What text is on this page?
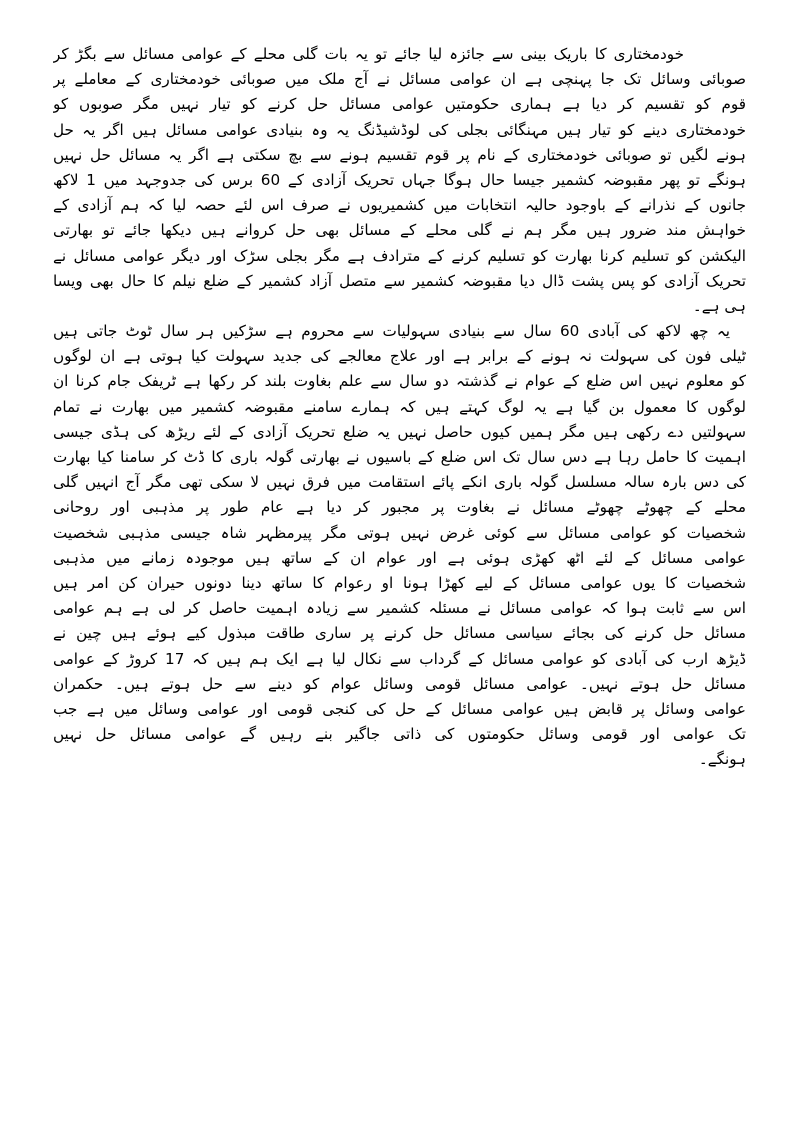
خودمختاری کا باریک بینی سے جائزہ لیا جائے تو یہ بات گلی محلے کے عوامی مسائل سے بگڑ کر
صوبائی وسائل تک جا پہنچی ہے ان عوامی مسائل نے آج ملک میں صوبائی خودمختاری کے معاملے پر
قوم کو تقسیم کر دیا ہے ہماری حکومتیں عوامی مسائل حل کرنے کو تیار نہیں مگر صوبوں کو
خودمختاری دینے کو تیار ہیں مہنگائی بجلی کی لوڈشیڈنگ یہ وہ بنیادی عوامی مسائل ہیں اگر یہ حل
ہونے لگیں تو صوبائی خودمختاری کے نام پر قوم تقسیم ہونے سے بچ سکتی ہے اگر یہ مسائل حل نہیں
ہونگے تو پھر مقبوضہ کشمیر جیسا حال ہوگا جہاں تحریک آزادی کے 60 برس کی جدوجہد میں 1 لاکھ
جانوں کے نذرانے کے باوجود حالیہ انتخابات میں کشمیریوں نے صرف اس لئے حصہ لیا کہ ہم آزادی کے
خواہش مند ضرور ہیں مگر ہم نے گلی محلے کے مسائل بھی حل کروانے ہیں دیکھا جائے تو بھارتی
الیکشن کو تسلیم کرنا بھارت کو تسلیم کرنے کے مترادف ہے مگر بجلی سڑک اور دیگر عوامی مسائل نے
تحریک آزادی کو پس پشت ڈال دیا مقبوضہ کشمیر سے متصل آزاد کشمیر کے ضلع نیلم کا حال بھی ویسا
ہی ہے۔
یہ چھ لاکھ کی آبادی 60 سال سے بنیادی سہولیات سے محروم ہے سڑکیں ہر سال ٹوٹ جاتی ہیں
ٹیلی فون کی سہولت نہ ہونے کے برابر ہے اور علاج معالجے کی جدید سہولت کیا ہوتی ہے ان لوگوں
کو معلوم نہیں اس ضلع کے عوام نے گذشتہ دو سال سے علم بغاوت بلند کر رکھا ہے ٹریفک جام کرنا ان
لوگوں کا معمول بن گیا ہے یہ لوگ کہتے ہیں کہ ہمارے سامنے مقبوضہ کشمیر میں بھارت نے تمام
سہولتیں دے رکھی ہیں مگر ہمیں کیوں حاصل نہیں یہ ضلع تحریک آزادی کے لئے ریڑھ کی ہڈی جیسی
اہمیت کا حامل رہا ہے دس سال تک اس ضلع کے باسیوں نے بھارتی گولہ باری کا ڈٹ کر سامنا کیا بھارت
کی دس بارہ سالہ مسلسل گولہ باری انکے پائے استقامت میں فرق نہیں لا سکی تھی مگر آج انہیں گلی
محلے کے چھوٹے چھوٹے مسائل نے بغاوت پر مجبور کر دیا ہے عام طور پر مذہبی اور روحانی
شخصیات کو عوامی مسائل سے کوئی غرض نہیں ہوتی مگر پیرمظہر شاہ جیسی مذہبی شخصیت
عوامی مسائل کے لئے اٹھ کھڑی ہوئی ہے اور عوام ان کے ساتھ ہیں موجودہ زمانے میں مذہبی
شخصیات کا یوں عوامی مسائل کے لیے کھڑا ہونا او رعوام کا ساتھ دینا دونوں حیران کن امر ہیں
اس سے ثابت ہوا کہ عوامی مسائل نے مسئلہ کشمیر سے زیادہ اہمیت حاصل کر لی ہے ہم عوامی
مسائل حل کرنے کی بجائے سیاسی مسائل حل کرنے پر ساری طاقت مبذول کیے ہوئے ہیں چین نے
ڈیڑھ ارب کی آبادی کو عوامی مسائل کے گرداب سے نکال لیا ہے ایک ہم ہیں کہ 17 کروڑ کے عوامی
مسائل حل ہوتے نہیں۔ عوامی مسائل قومی وسائل عوام کو دینے سے حل ہوتے ہیں۔ حکمران
عوامی وسائل پر قابض ہیں عوامی مسائل کے حل کی کنجی قومی اور عوامی وسائل میں ہے جب
تک عوامی اور قومی وسائل حکومتوں کی ذاتی جاگیر بنے رہیں گے عوامی مسائل حل نہیں
ہونگے۔
